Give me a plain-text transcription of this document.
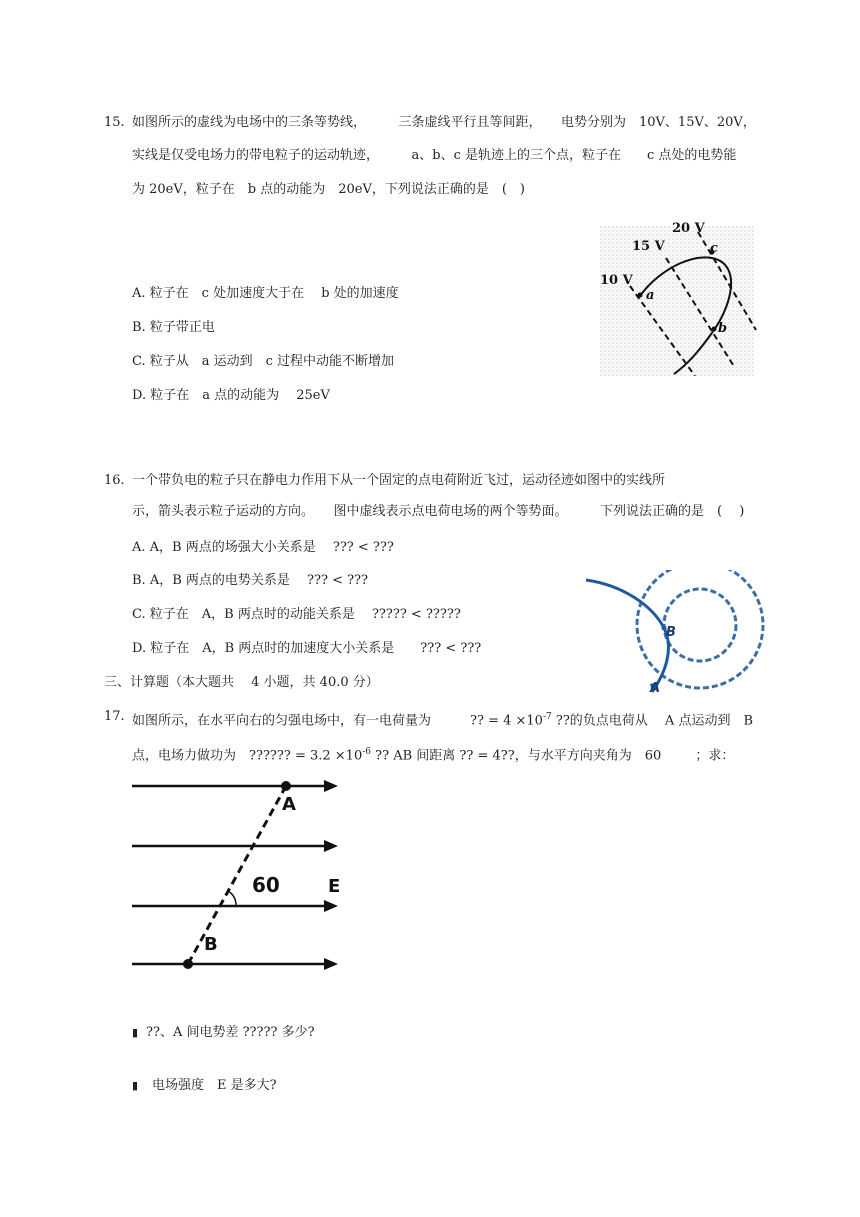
15. 如图所示的虚线为电场中的三条等势线，　　　三条虚线平行且等间距，　　电势分别为　10V、15V、20V，
实线是仅受电场力的带电粒子的运动轨迹，　　　a、b、c 是轨迹上的三个点，粒子在　　c 点处的电势能
为 20eV，粒子在　b 点的动能为　20eV，下列说法正确的是　(　)
A. 粒子在　c 处加速度大于在　 b 处的加速度
B. 粒子带正电
C. 粒子从　a 运动到　c 过程中动能不断增加
D. 粒子在　a 点的动能为　 25eV
20 V
15 V
10 V
a
c
b
16. 一个带负电的粒子只在静电力作用下从一个固定的点电荷附近飞过，运动径迹如图中的实线所
示，箭头表示粒子运动的方向。　　图中虚线表示点电荷电场的两个等势面。　　　下列说法正确的是　(　 )
A. A，B 两点的场强大小关系是　 ??? < ???
B. A，B 两点的电势关系是　 ??? < ???
C. 粒子在　A，B 两点时的动能关系是　 ????? < ?????
D. 粒子在　A，B 两点时的加速度大小关系是　　??? < ???
B
A
三、计算题（本大题共　 4 小题，共 40.0 分）
17. 如图所示，在水平向右的匀强电场中，有一电荷量为　　　?? = $4 \times 10^{-7}$ ??的负点电荷从　 A 点运动到　B
点，电场力做功为　?????? = $3.2 \times 10^{-6}$ ?? AB 间距离 ?? = 4??，与水平方向夹角为　60	；求：
A
B
60	E
▮ ??、A 间电势差 ????? 多少?
▮ 电场强度　E 是多大?
